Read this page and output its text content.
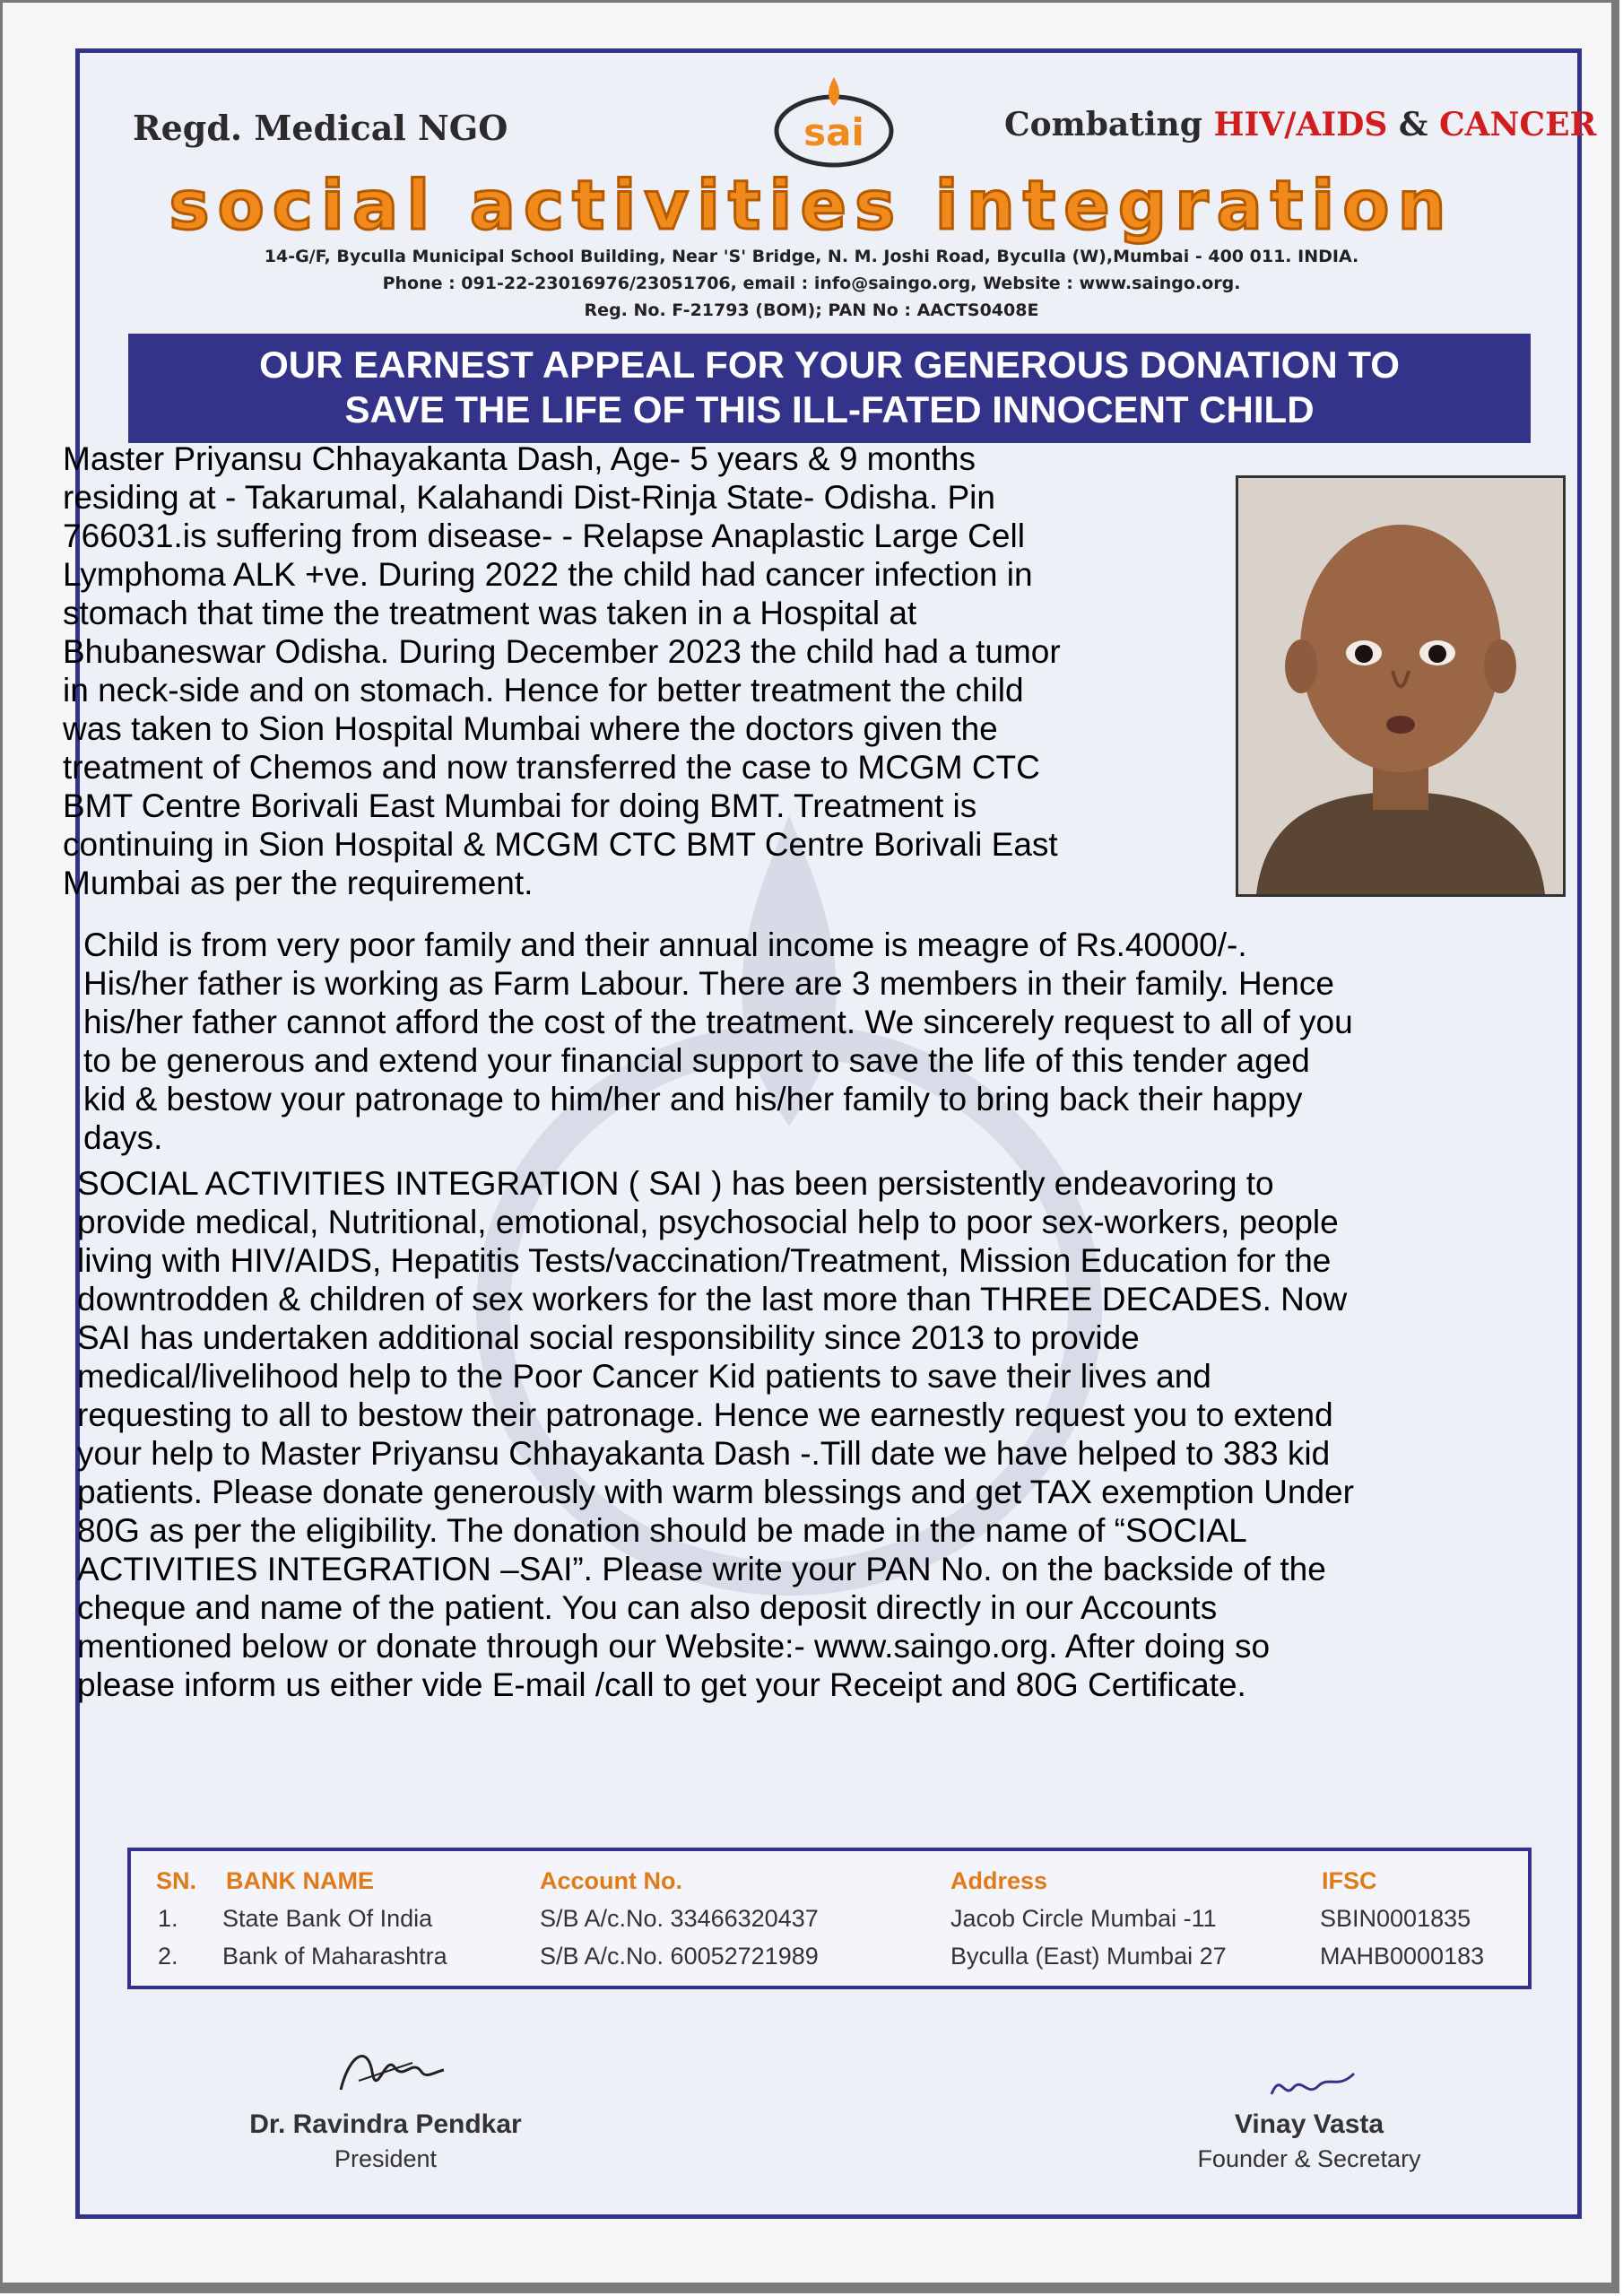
Regd. Medical NGO	sai	Combating HIV/AIDS & CANCER
social activities integration
14-G/F, Byculla Municipal School Building, Near 'S' Bridge, N. M. Joshi Road, Byculla (W),Mumbai - 400 011. INDIA.
Phone : 091-22-23016976/23051706, email : info@saingo.org, Website : www.saingo.org.
Reg. No. F-21793 (BOM); PAN No : AACTS0408E
OUR EARNEST APPEAL FOR YOUR GENEROUS DONATION TO
SAVE THE LIFE OF THIS ILL-FATED INNOCENT CHILD
Master Priyansu Chhayakanta Dash, Age- 5 years & 9 months
residing at - Takarumal, Kalahandi Dist-Rinja State- Odisha. Pin
766031.is suffering from disease- - Relapse Anaplastic Large Cell
Lymphoma ALK +ve. During 2022 the child had cancer infection in
stomach that time the treatment was taken in a Hospital at
Bhubaneswar Odisha. During December 2023 the child had a tumor
in neck-side and on stomach. Hence for better treatment the child
was taken to Sion Hospital Mumbai where the doctors given the
treatment of Chemos and now transferred the case to MCGM CTC
BMT Centre Borivali East Mumbai for doing BMT. Treatment is
continuing in Sion Hospital & MCGM CTC BMT Centre Borivali East
Mumbai as per the requirement.
Child is from very poor family and their annual income is meagre of Rs.40000/-.
His/her father is working as Farm Labour. There are 3 members in their family. Hence
his/her father cannot afford the cost of the treatment. We sincerely request to all of you
to be generous and extend your financial support to save the life of this tender aged
kid & bestow your patronage to him/her and his/her family to bring back their happy
days.
SOCIAL ACTIVITIES INTEGRATION ( SAI ) has been persistently endeavoring to
provide medical, Nutritional, emotional, psychosocial help to poor sex-workers, people
living with HIV/AIDS, Hepatitis Tests/vaccination/Treatment, Mission Education for the
downtrodden & children of sex workers for the last more than THREE DECADES. Now
SAI has undertaken additional social responsibility since 2013 to provide
medical/livelihood help to the Poor Cancer Kid patients to save their lives and
requesting to all to bestow their patronage. Hence we earnestly request you to extend
your help to Master Priyansu Chhayakanta Dash -.Till date we have helped to 383 kid
patients. Please donate generously with warm blessings and get TAX exemption Under
80G as per the eligibility. The donation should be made in the name of “SOCIAL
ACTIVITIES INTEGRATION –SAI”. Please write your PAN No. on the backside of the
cheque and name of the patient. You can also deposit directly in our Accounts
mentioned below or donate through our Website:- www.saingo.org. After doing so
please inform us either vide E-mail /call to get your Receipt and 80G Certificate.
SN. BANK NAME	Account No.	Address	IFSC
1. State Bank Of India	S/B A/c.No. 33466320437	Jacob Circle Mumbai -11	SBIN0001835
2. Bank of Maharashtra	S/B A/c.No. 60052721989	Byculla (East) Mumbai 27	MAHB0000183
Dr. Ravindra Pendkar
President
Vinay Vasta
Founder & Secretary
